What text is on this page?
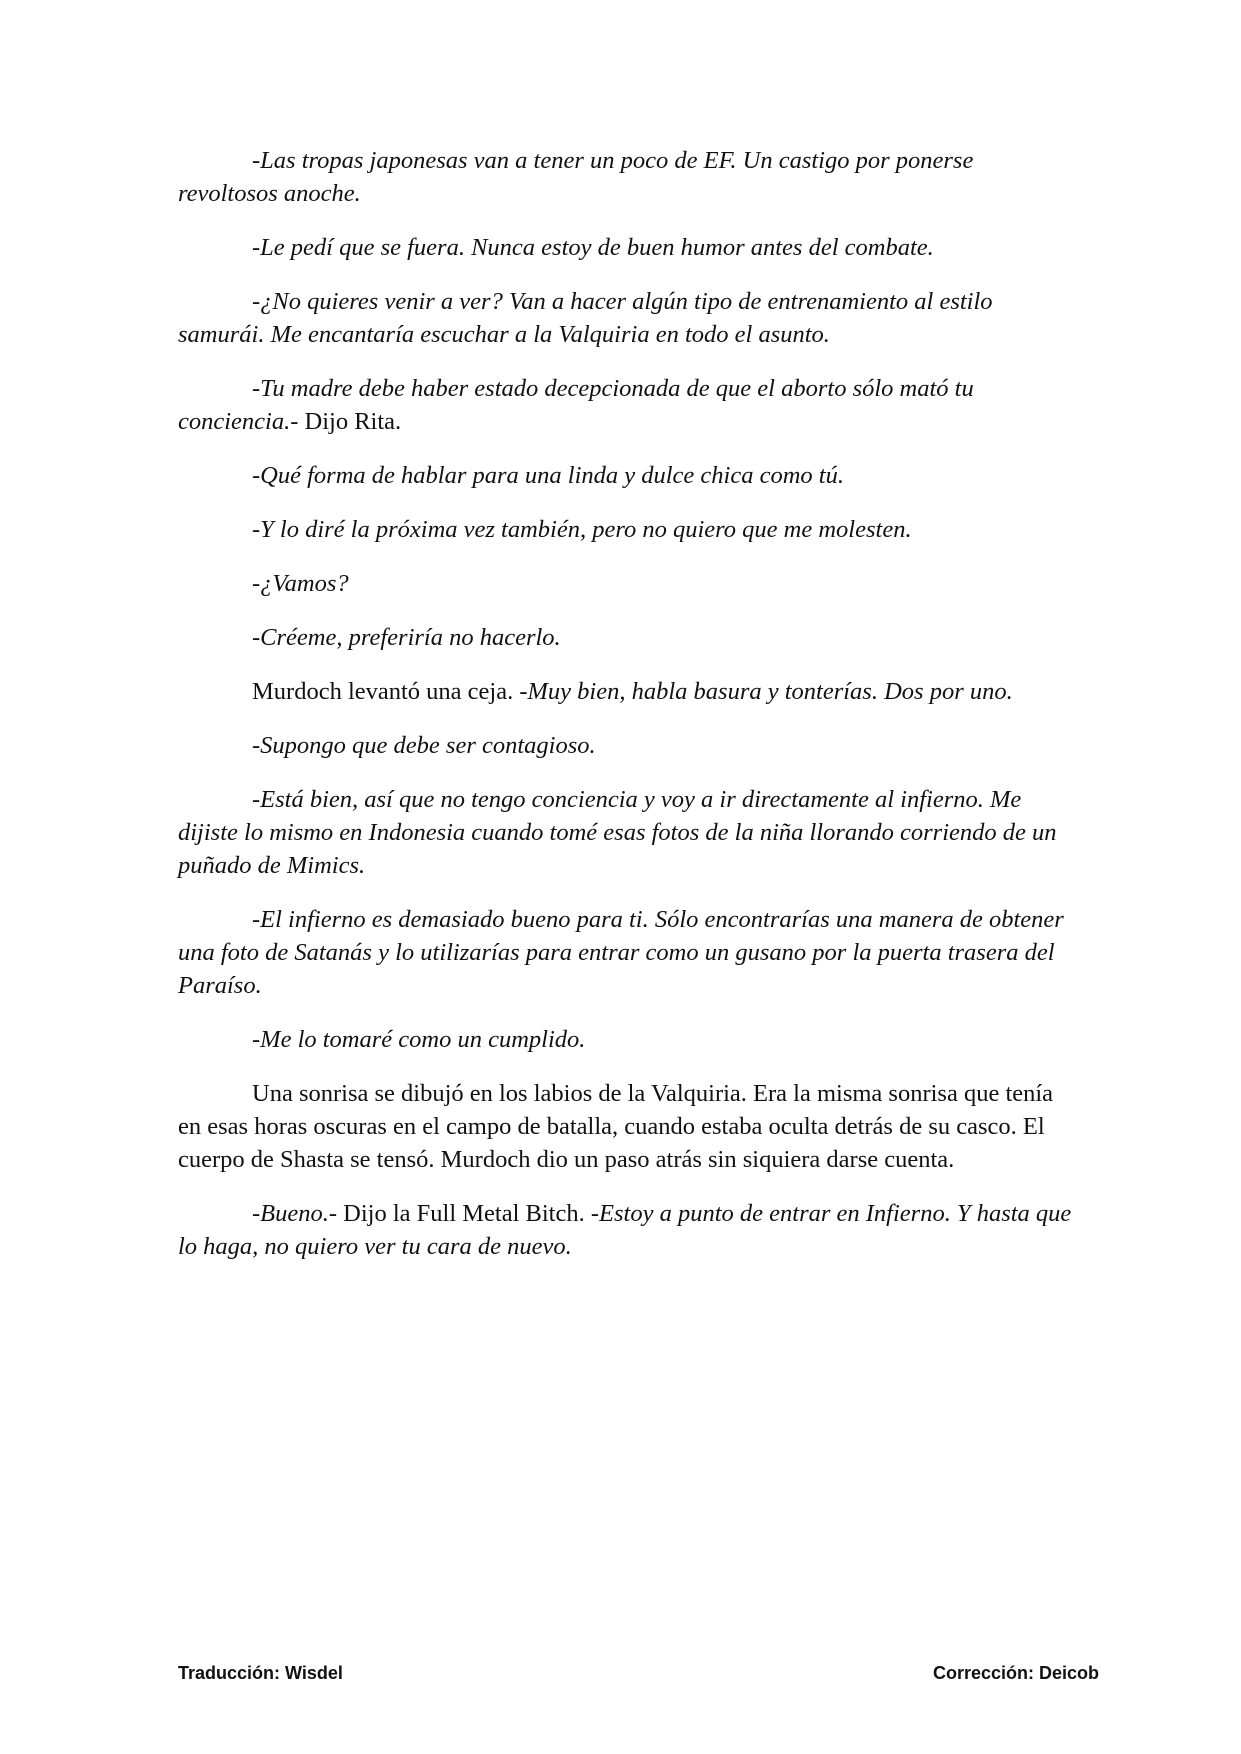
-Las tropas japonesas van a tener un poco de EF. Un castigo por ponerse revoltosos anoche.

-Le pedí que se fuera. Nunca estoy de buen humor antes del combate.

-¿No quieres venir a ver? Van a hacer algún tipo de entrenamiento al estilo samurái. Me encantaría escuchar a la Valquiria en todo el asunto.

-Tu madre debe haber estado decepcionada de que el aborto sólo mató tu conciencia.- Dijo Rita.

-Qué forma de hablar para una linda y dulce chica como tú.

-Y lo diré la próxima vez también, pero no quiero que me molesten.

-¿Vamos?

-Créeme, preferiría no hacerlo.

Murdoch levantó una ceja. -Muy bien, habla basura y tonterías. Dos por uno.

-Supongo que debe ser contagioso.

-Está bien, así que no tengo conciencia y voy a ir directamente al infierno. Me dijiste lo mismo en Indonesia cuando tomé esas fotos de la niña llorando corriendo de un puñado de Mimics.

-El infierno es demasiado bueno para ti. Sólo encontrarías una manera de obtener una foto de Satanás y lo utilizarías para entrar como un gusano por la puerta trasera del Paraíso.

-Me lo tomaré como un cumplido.

Una sonrisa se dibujó en los labios de la Valquiria. Era la misma sonrisa que tenía en esas horas oscuras en el campo de batalla, cuando estaba oculta detrás de su casco. El cuerpo de Shasta se tensó. Murdoch dio un paso atrás sin siquiera darse cuenta.

-Bueno.- Dijo la Full Metal Bitch. -Estoy a punto de entrar en Infierno. Y hasta que lo haga, no quiero ver tu cara de nuevo.

Traducción: Wisdel	Corrección: Deicob
